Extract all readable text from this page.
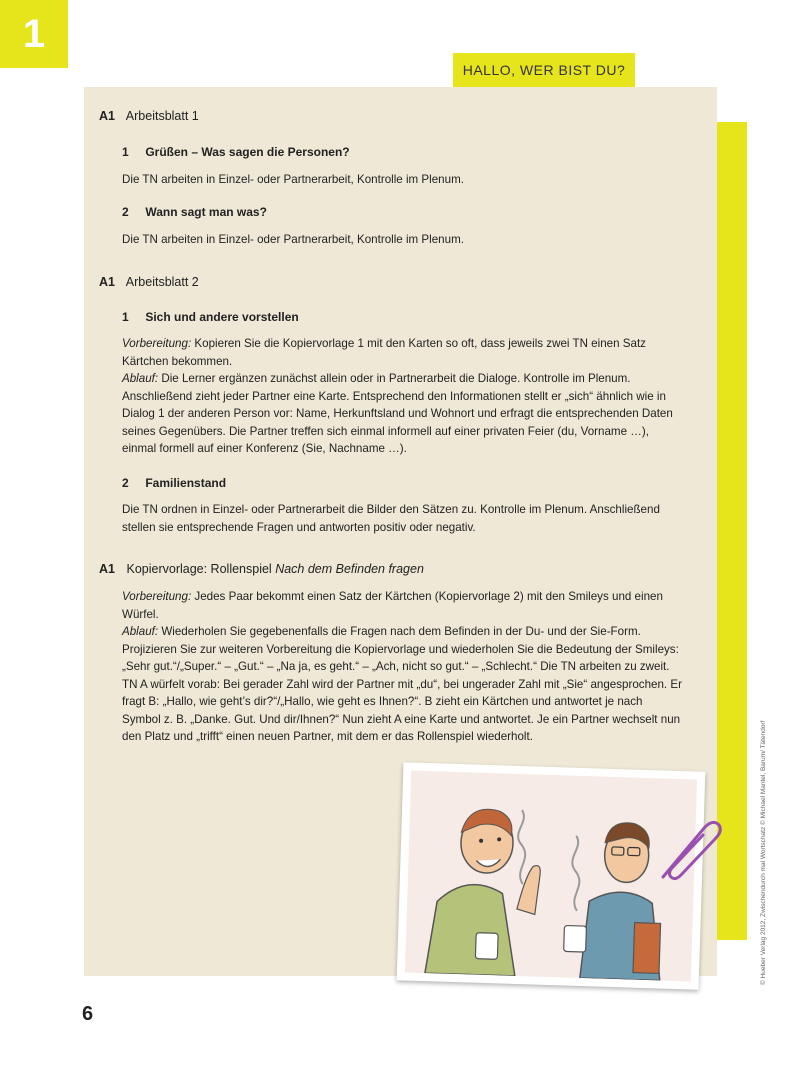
1
HALLO, WER BIST DU?
A1 Arbeitsblatt 1
1 Grüßen – Was sagen die Personen?
Die TN arbeiten in Einzel- oder Partnerarbeit, Kontrolle im Plenum.
2 Wann sagt man was?
Die TN arbeiten in Einzel- oder Partnerarbeit, Kontrolle im Plenum.
A1 Arbeitsblatt 2
1 Sich und andere vorstellen
Vorbereitung: Kopieren Sie die Kopiervorlage 1 mit den Karten so oft, dass jeweils zwei TN einen Satz Kärtchen bekommen.
Ablauf: Die Lerner ergänzen zunächst allein oder in Partnerarbeit die Dialoge. Kontrolle im Plenum. Anschließend zieht jeder Partner eine Karte. Entsprechend den Informationen stellt er „sich“ ähnlich wie in Dialog 1 der anderen Person vor: Name, Herkunftsland und Wohnort und erfragt die entsprechenden Daten seines Gegenübers. Die Partner treffen sich einmal informell auf einer privaten Feier (du, Vorname …), einmal formell auf einer Konferenz (Sie, Nachname …).
2 Familienstand
Die TN ordnen in Einzel- oder Partnerarbeit die Bilder den Sätzen zu. Kontrolle im Plenum. Anschließend stellen sie entsprechende Fragen und antworten positiv oder negativ.
A1 Kopiervorlage: Rollenspiel Nach dem Befinden fragen
Vorbereitung: Jedes Paar bekommt einen Satz der Kärtchen (Kopiervorlage 2) mit den Smileys und einen Würfel.
Ablauf: Wiederholen Sie gegebenenfalls die Fragen nach dem Befinden in der Du- und der Sie-Form. Projizieren Sie zur weiteren Vorbereitung die Kopiervorlage und wiederholen Sie die Bedeutung der Smileys: „Sehr gut.“/„Super.“ – „Gut.“ – „Na ja, es geht.“ – „Ach, nicht so gut.“ – „Schlecht.“ Die TN arbeiten zu zweit. TN A würfelt vorab: Bei gerader Zahl wird der Partner mit „du“, bei ungerader Zahl mit „Sie“ angesprochen. Er fragt B: „Hallo, wie geht’s dir?“/„Hallo, wie geht es Ihnen?“. B zieht ein Kärtchen und antwortet je nach Symbol z. B. „Danke. Gut. Und dir/Ihnen?“ Nun zieht A eine Karte und antwortet. Je ein Partner wechselt nun den Platz und „trifft“ einen neuen Partner, mit dem er das Rollenspiel wiederholt.
6
© Hueber Verlag 2012, Zwischendurch mal Wortschatz © Michael Mantel, Barum/ Tätendorf
